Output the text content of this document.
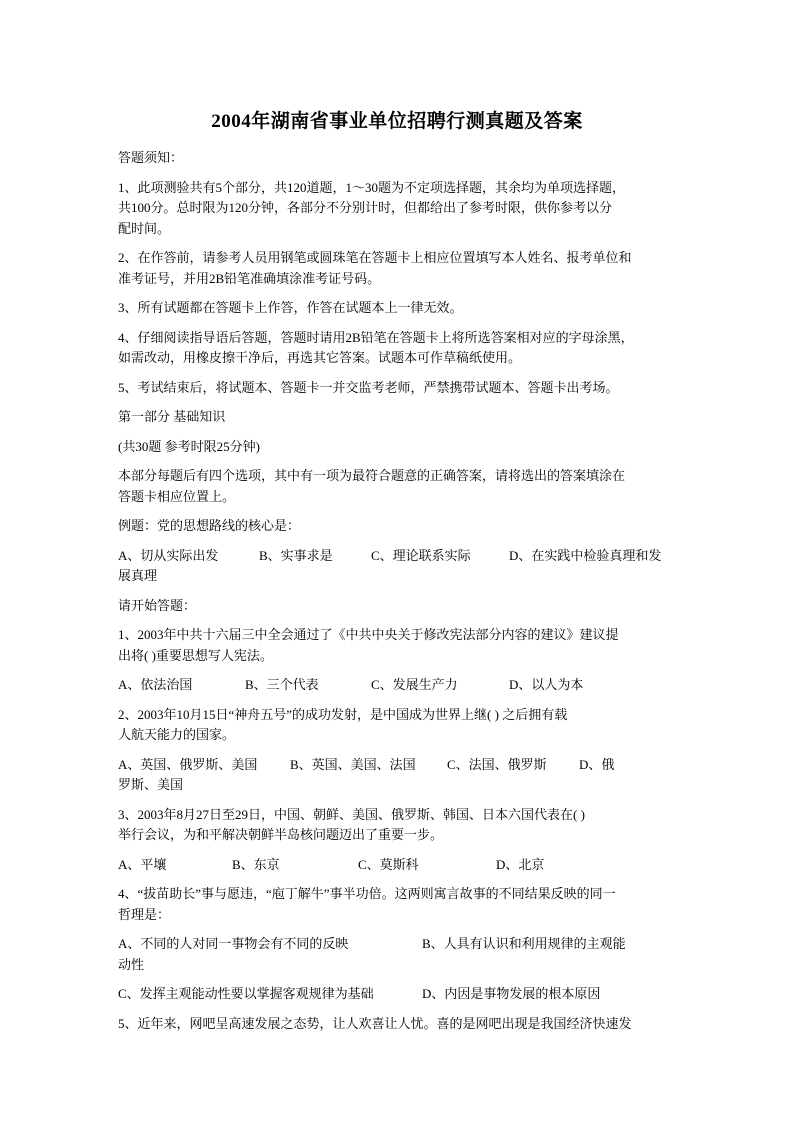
2004年湖南省事业单位招聘行测真题及答案

答题须知：

1、此项测验共有5个部分，共120道题，1～30题为不定项选择题，其余均为单项选择题，
共100分。总时限为120分钟，各部分不分别计时，但都给出了参考时限，供你参考以分
配时间。

2、在作答前，请参考人员用钢笔或圆珠笔在答题卡上相应位置填写本人姓名、报考单位和
准考证号，并用2B铅笔准确填涂准考证号码。

3、所有试题都在答题卡上作答，作答在试题本上一律无效。

4、仔细阅读指导语后答题，答题时请用2B铅笔在答题卡上将所选答案相对应的字母涂黑，
如需改动，用橡皮擦干净后，再选其它答案。试题本可作草稿纸使用。

5、考试结束后，将试题本、答题卡一并交监考老师，严禁携带试题本、答题卡出考场。

第一部分 基础知识

(共30题 参考时限25分钟)

本部分每题后有四个选项，其中有一项为最符合题意的正确答案，请将选出的答案填涂在
答题卡相应位置上。

例题：党的思想路线的核心是：

A、切从实际出发	B、实事求是	C、理论联系实际	D、在实践中检验真理和发
展真理

请开始答题：

1、2003年中共十六届三中全会通过了《中共中央关于修改宪法部分内容的建议》建议提
出将( )重要思想写人宪法。

A、依法治国	B、三个代表	C、发展生产力	D、以人为本

2、2003年10月15日“神舟五号”的成功发射，是中国成为世界上继( ) 之后拥有载
人航天能力的国家。

A、英国、俄罗斯、美国	B、英国、美国、法国 C、法国、俄罗斯 D、俄
罗斯、美国

3、2003年8月27日至29日，中国、朝鲜、美国、俄罗斯、韩国、日本六国代表在( )
举行会议，为和平解决朝鲜半岛核问题迈出了重要一步。

A、平壤	B、东京	C、莫斯科	D、北京

4、“拔苗助长”事与愿违，“庖丁解牛”事半功倍。这两则寓言故事的不同结果反映的同一
哲理是：

A、不同的人对同一事物会有不同的反映	B、人具有认识和利用规律的主观能
动性
C、发挥主观能动性要以掌握客观规律为基础	D、内因是事物发展的根本原因

5、近年来，网吧呈高速发展之态势，让人欢喜让人忧。喜的是网吧出现是我国经济快速发
